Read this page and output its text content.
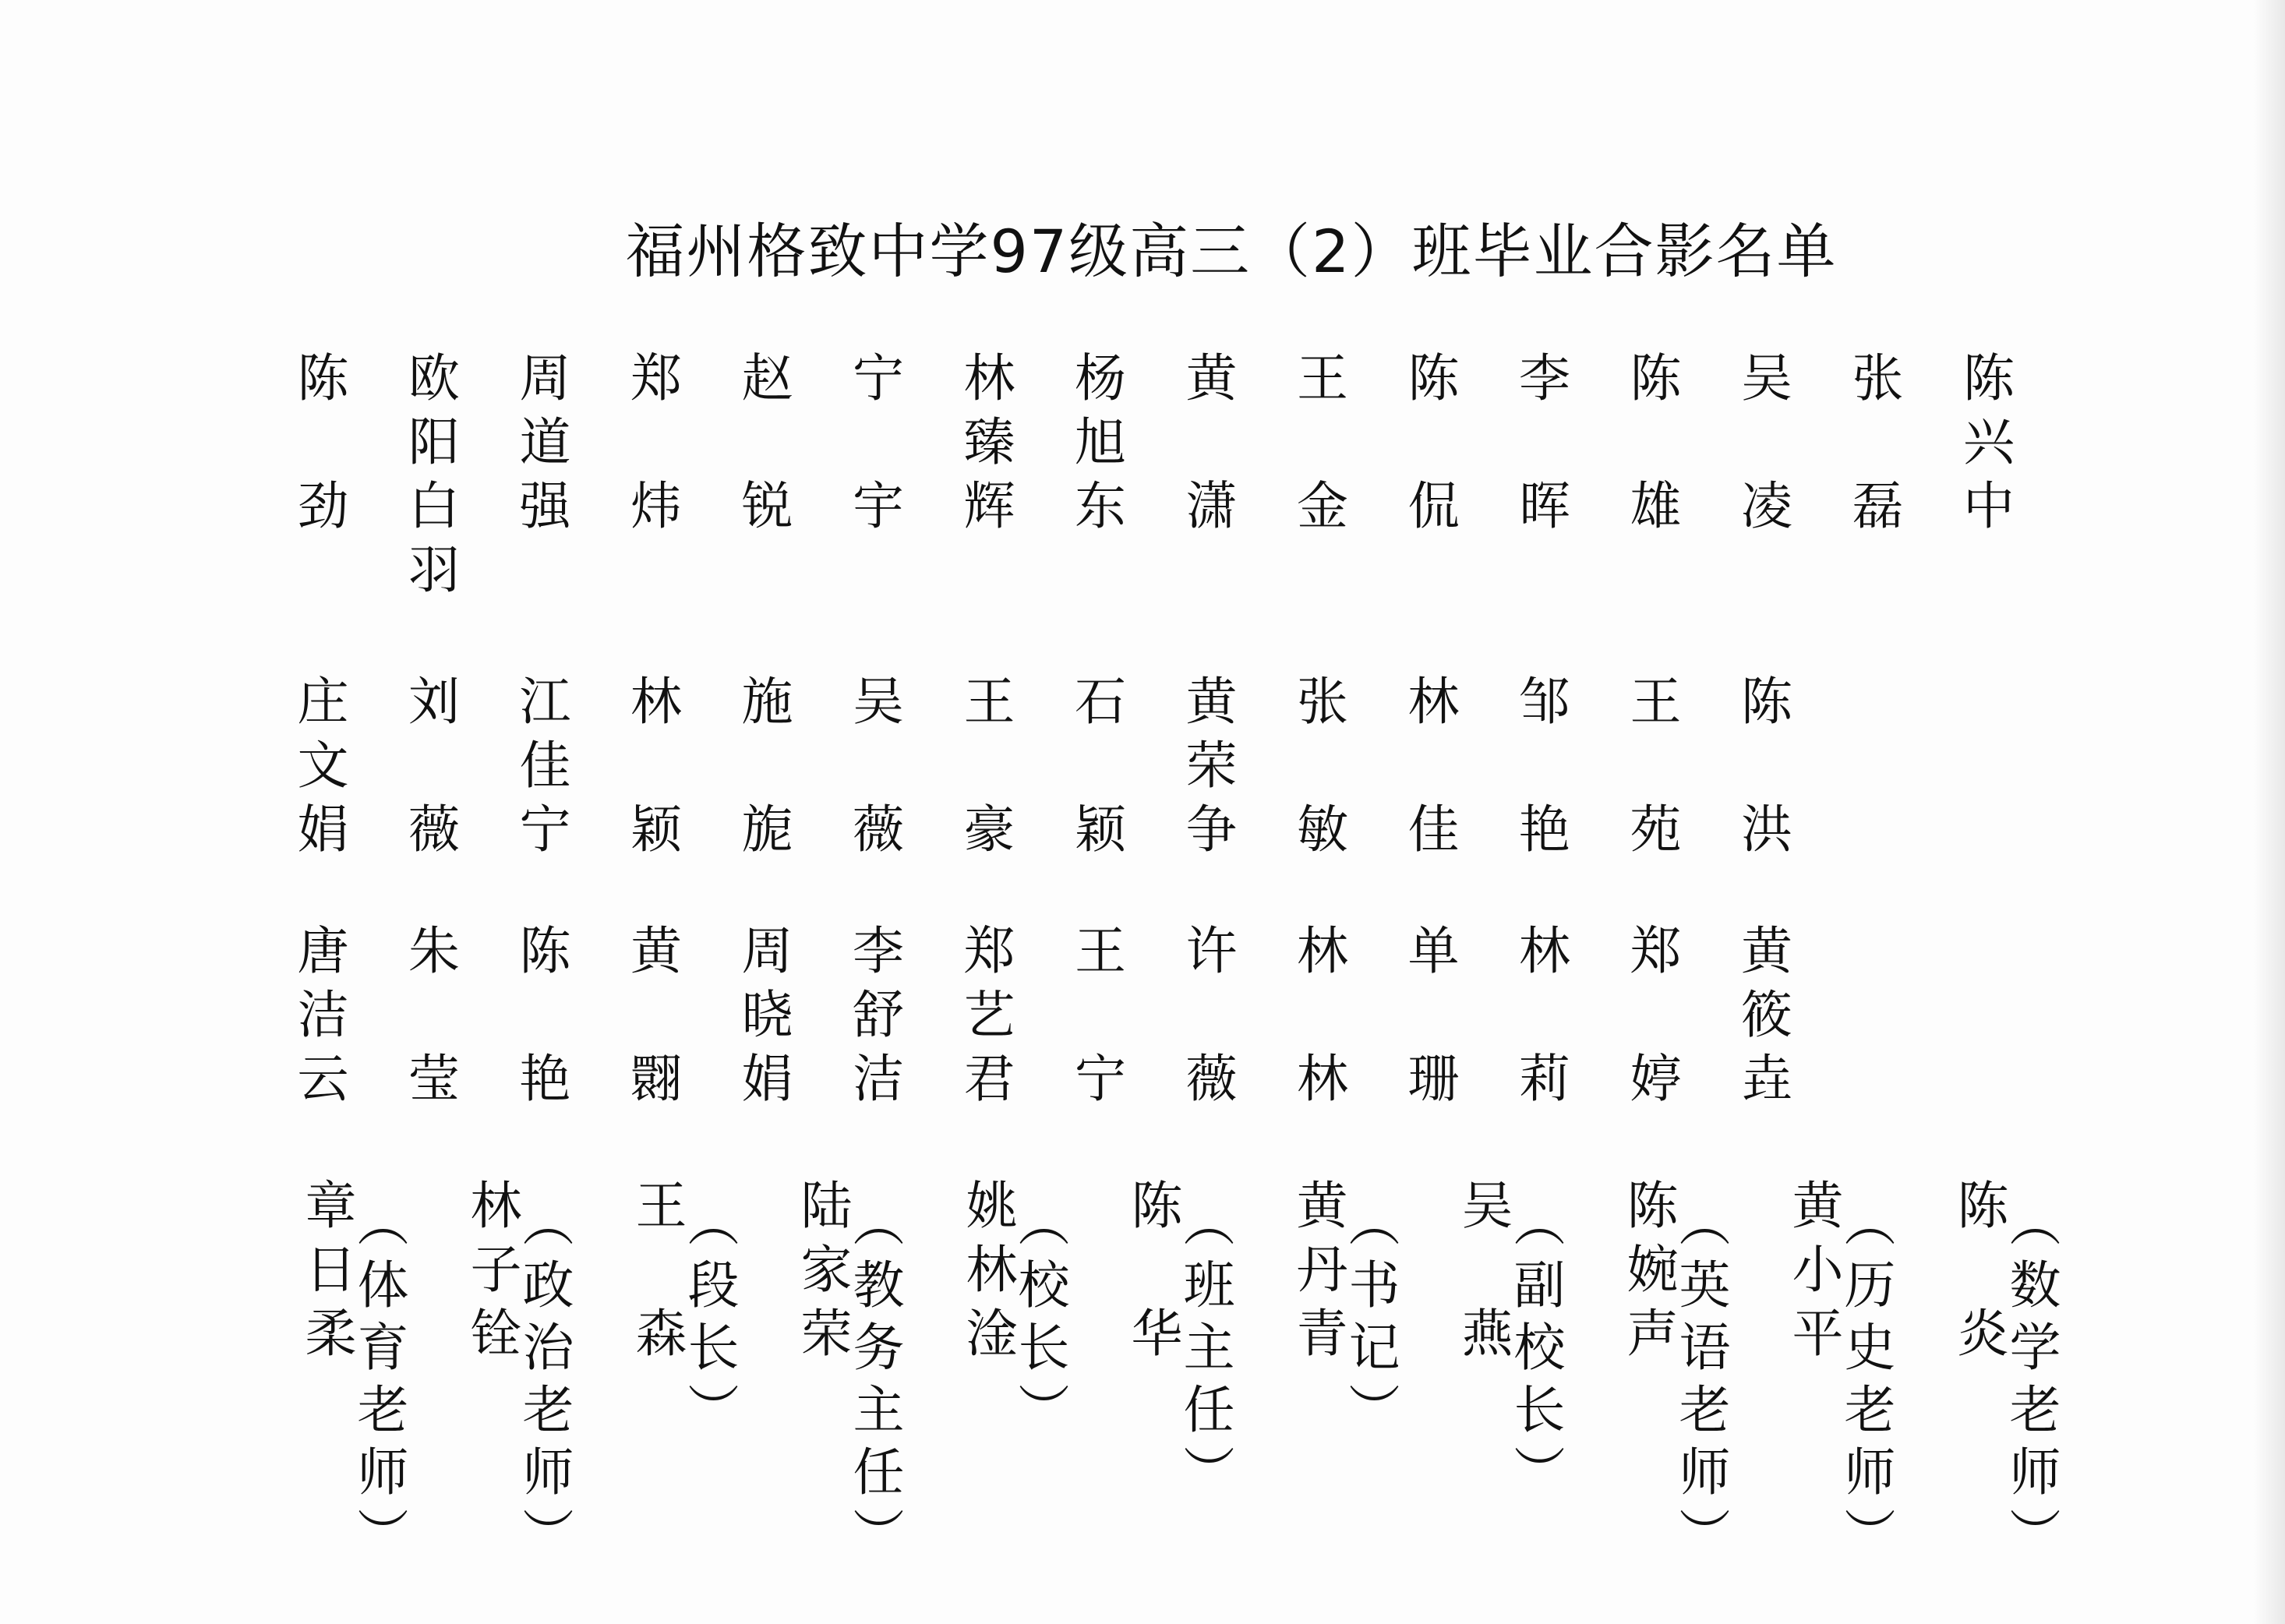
福州格致中学97级高三（2）班毕业合影名单
陈劲 欧阳白羽 周道强 郑炜 赵锐 宁宇 林臻辉 杨旭东 黄潇 王金 陈侃 李晖 陈雄 吴凌 张磊 陈兴中
庄文娟 刘薇 江佳宁 林颖 施旎 吴薇 王豪 石颖 黄荣争 张敏 林佳 邹艳 王苑 陈洪
唐洁云 朱莹 陈艳 黄翾 周晓娟 李舒洁 郑艺君 王宁 许薇 林林 单珊 林莉 郑婷 黄筱垚
章日柔
（体育老师） 林子铨
（政治老师） 王森
（段长） 陆家荣
（教务主任） 姚林淦
（校长） 陈华
（班主任） 黄丹青
（书记） 吴燕
（副校长） 陈婉声
（英语老师） 黄小平
（历史老师） 陈炎
（数学老师）
